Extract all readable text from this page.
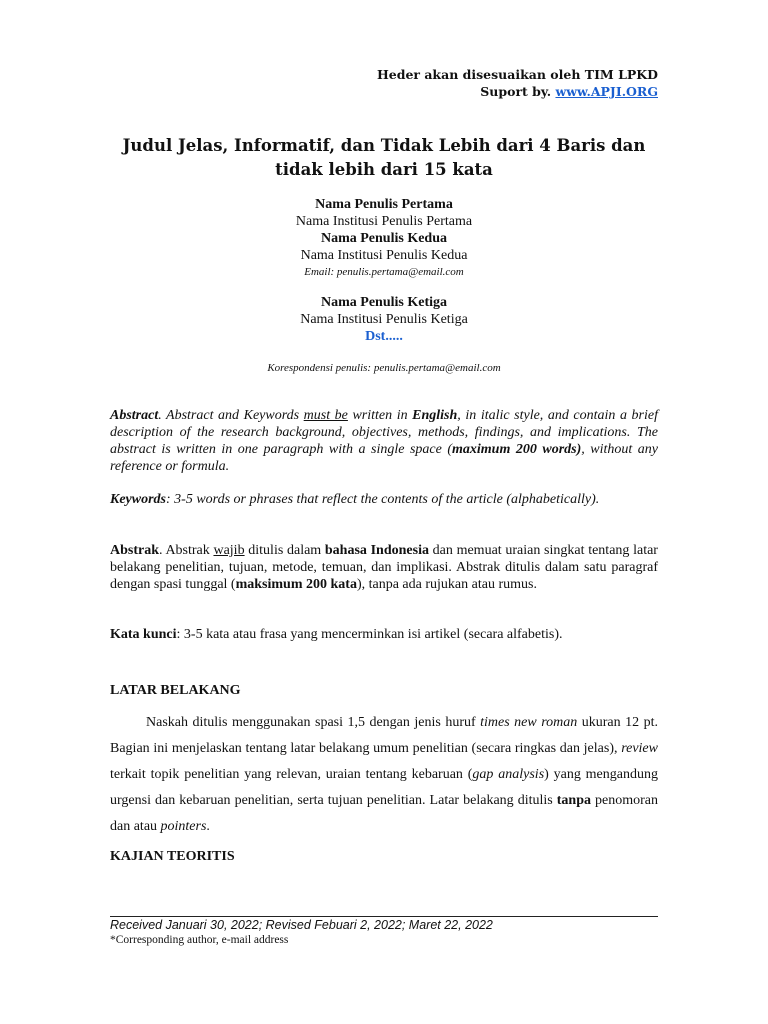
Heder akan disesuaikan oleh TIM LPKD
Suport by. www.APJI.ORG
Judul Jelas, Informatif, dan Tidak Lebih dari 4 Baris dan
tidak lebih dari 15 kata
Nama Penulis Pertama
Nama Institusi Penulis Pertama
Nama Penulis Kedua
Nama Institusi Penulis Kedua
Email: penulis.pertama@email.com
Nama Penulis Ketiga
Nama Institusi Penulis Ketiga
Dst.....
Korespondensi penulis: penulis.pertama@email.com
Abstract. Abstract and Keywords must be written in English, in italic style, and contain a brief description of the research background, objectives, methods, findings, and implications. The abstract is written in one paragraph with a single space (maximum 200 words), without any reference or formula.
Keywords: 3-5 words or phrases that reflect the contents of the article (alphabetically).
Abstrak. Abstrak wajib ditulis dalam bahasa Indonesia dan memuat uraian singkat tentang latar belakang penelitian, tujuan, metode, temuan, dan implikasi. Abstrak ditulis dalam satu paragraf dengan spasi tunggal (maksimum 200 kata), tanpa ada rujukan atau rumus.
Kata kunci: 3-5 kata atau frasa yang mencerminkan isi artikel (secara alfabetis).
LATAR BELAKANG
Naskah ditulis menggunakan spasi 1,5 dengan jenis huruf times new roman ukuran 12 pt. Bagian ini menjelaskan tentang latar belakang umum penelitian (secara ringkas dan jelas), review terkait topik penelitian yang relevan, uraian tentang kebaruan (gap analysis) yang mengandung urgensi dan kebaruan penelitian, serta tujuan penelitian. Latar belakang ditulis tanpa penomoran dan atau pointers.
KAJIAN TEORITIS
Received Januari 30, 2022; Revised Febuari 2, 2022; Maret 22, 2022
*Corresponding author, e-mail address
